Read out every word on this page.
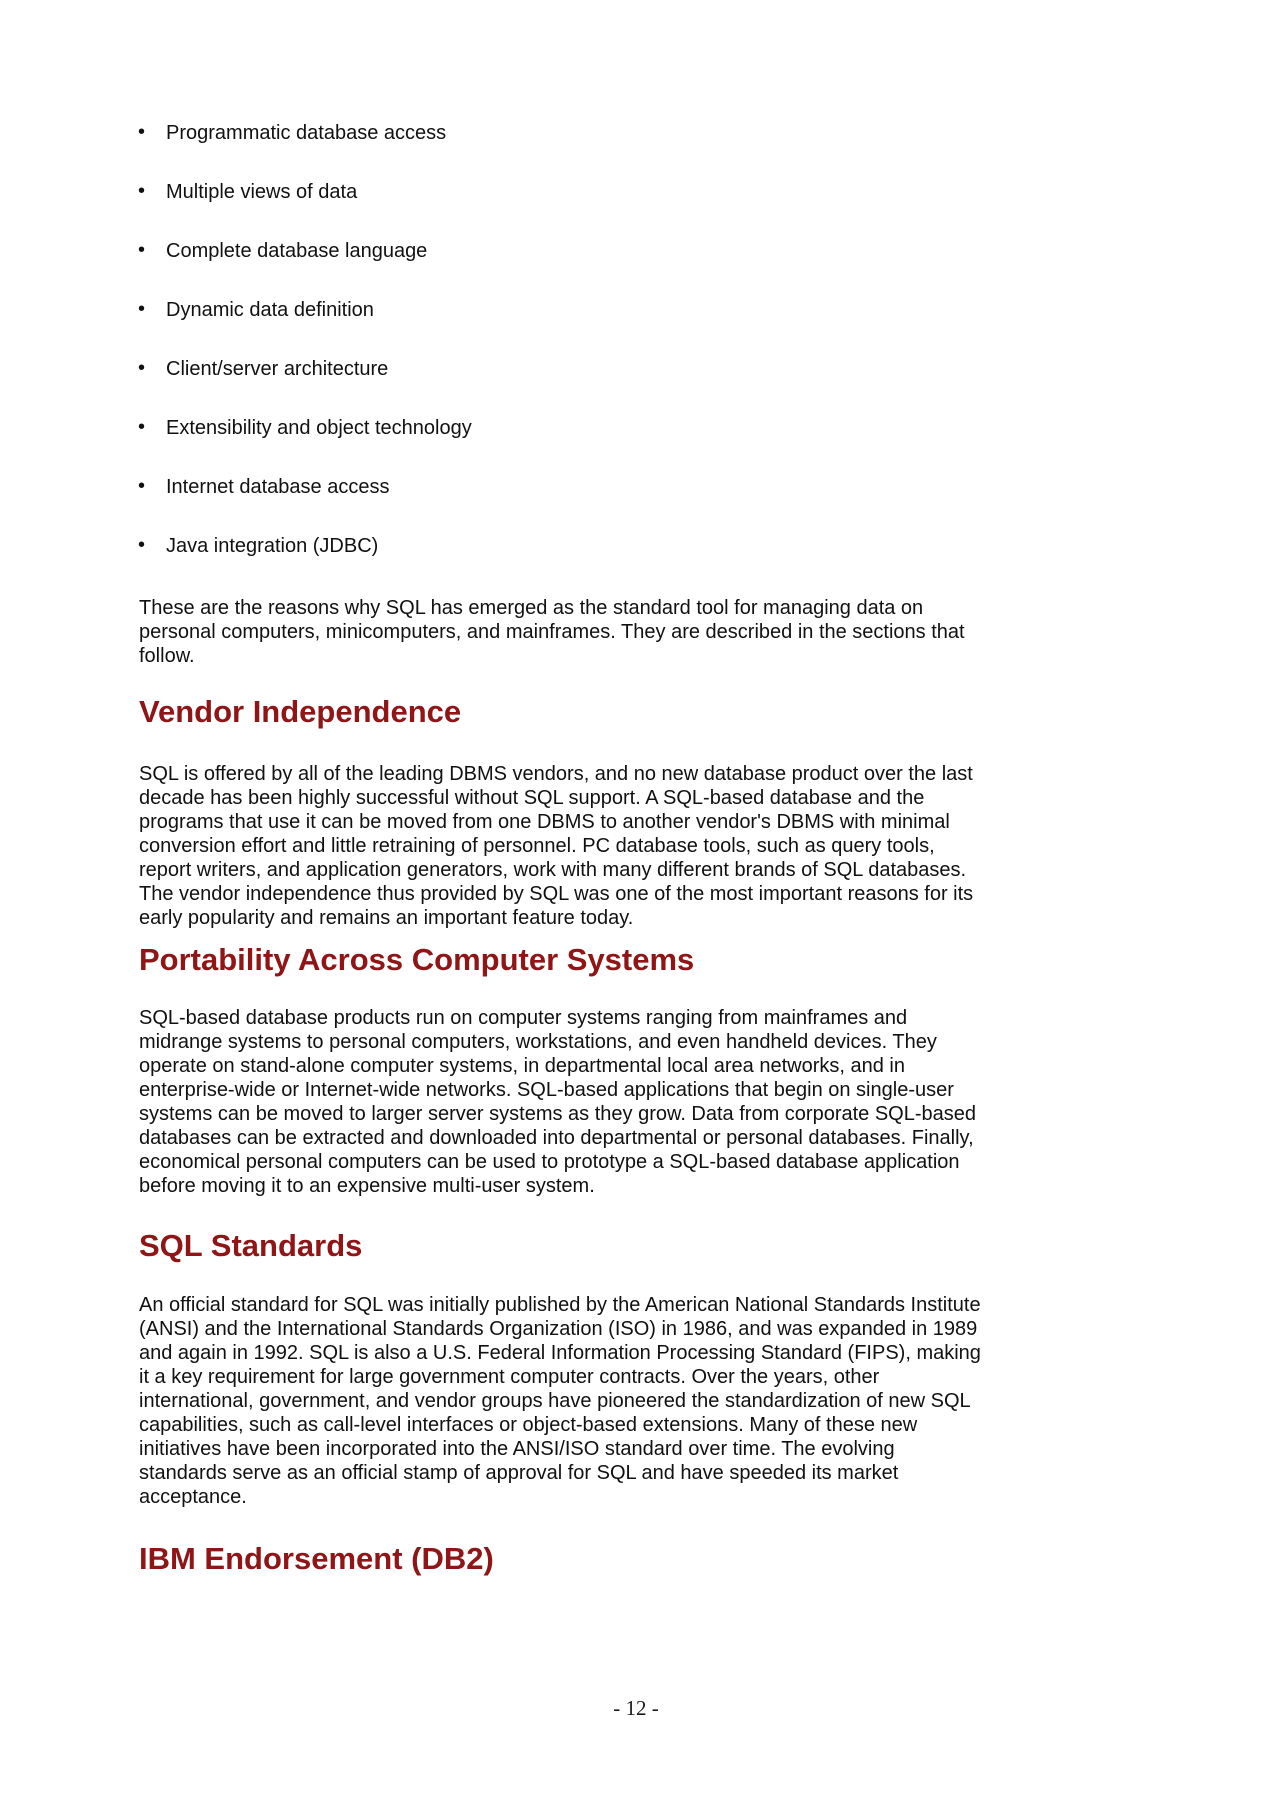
• Programmatic database access
• Multiple views of data
• Complete database language
• Dynamic data definition
• Client/server architecture
• Extensibility and object technology
• Internet database access
• Java integration (JDBC)

These are the reasons why SQL has emerged as the standard tool for managing data on personal computers, minicomputers, and mainframes. They are described in the sections that follow.

Vendor Independence

SQL is offered by all of the leading DBMS vendors, and no new database product over the last decade has been highly successful without SQL support. A SQL-based database and the programs that use it can be moved from one DBMS to another vendor's DBMS with minimal conversion effort and little retraining of personnel. PC database tools, such as query tools, report writers, and application generators, work with many different brands of SQL databases. The vendor independence thus provided by SQL was one of the most important reasons for its early popularity and remains an important feature today.

Portability Across Computer Systems

SQL-based database products run on computer systems ranging from mainframes and midrange systems to personal computers, workstations, and even handheld devices. They operate on stand-alone computer systems, in departmental local area networks, and in enterprise-wide or Internet-wide networks. SQL-based applications that begin on single-user systems can be moved to larger server systems as they grow. Data from corporate SQL-based databases can be extracted and downloaded into departmental or personal databases. Finally, economical personal computers can be used to prototype a SQL-based database application before moving it to an expensive multi-user system.

SQL Standards

An official standard for SQL was initially published by the American National Standards Institute (ANSI) and the International Standards Organization (ISO) in 1986, and was expanded in 1989 and again in 1992. SQL is also a U.S. Federal Information Processing Standard (FIPS), making it a key requirement for large government computer contracts. Over the years, other international, government, and vendor groups have pioneered the standardization of new SQL capabilities, such as call-level interfaces or object-based extensions. Many of these new initiatives have been incorporated into the ANSI/ISO standard over time. The evolving standards serve as an official stamp of approval for SQL and have speeded its market acceptance.

IBM Endorsement (DB2)
- 12 -
